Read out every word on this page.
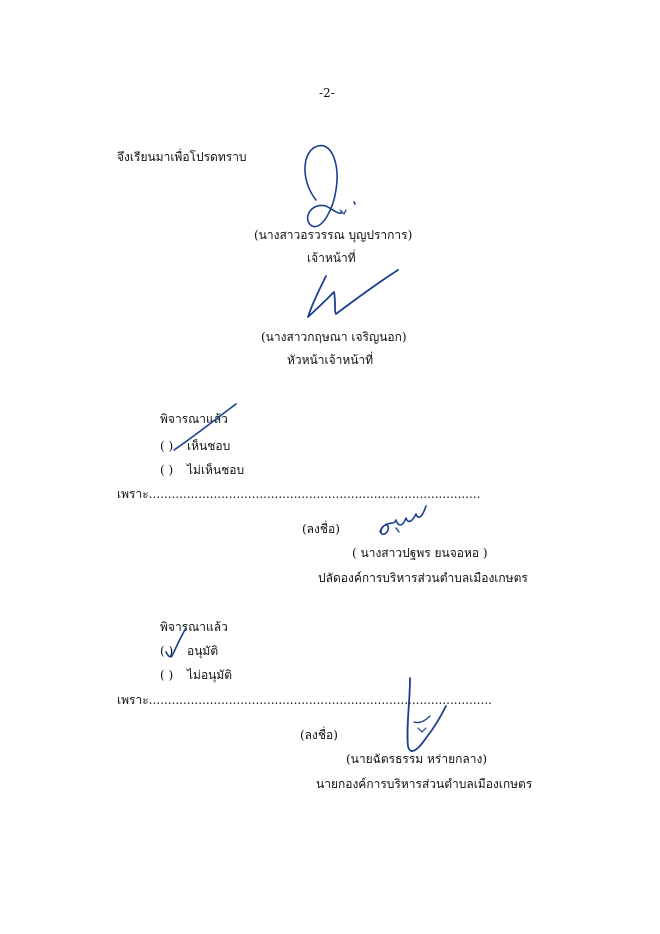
-2-
จึงเรียนมาเพื่อโปรดทราบ
(นางสาวอรวรรณ บุญปราการ)
เจ้าหน้าที่
(นางสาวกฤษณา เจริญนอก)
หัวหน้าเจ้าหน้าที่
พิจารณาแล้ว
( ) เห็นชอบ
( ) ไม่เห็นชอบ
เพราะ.......................................................................................
(ลงชื่อ)
( นางสาวปฐพร ยนจอหอ )
ปลัดองค์การบริหารส่วนตำบลเมืองเกษตร
พิจารณาแล้ว
( ) อนุมัติ
( ) ไม่อนุมัติ
เพราะ..........................................................................................
(ลงชื่อ)
(นายฉัตรธรรม หร่ายกลาง)
นายกองค์การบริหารส่วนตำบลเมืองเกษตร
